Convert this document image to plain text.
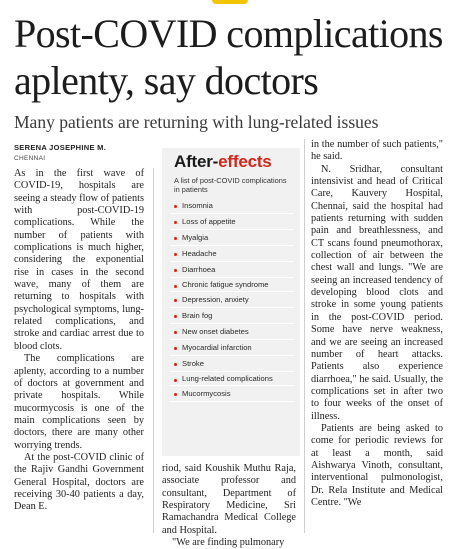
Post-COVID complications aplenty, say doctors

Many patients are returning with lung-related issues

SERENA JOSEPHINE M.
CHENNAI

As in the first wave of COVID-19, hospitals are seeing a steady flow of patients with post-COVID-19 complications. While the number of patients with complications is much higher, considering the exponential rise in cases in the second wave, many of them are returning to hospitals with psychological symptoms, lung-related complications, and stroke and cardiac arrest due to blood clots.

The complications are aplenty, according to a number of doctors at government and private hospitals. While mucormycosis is one of the main complications seen by doctors, there are many other worrying trends.

At the post-COVID clinic of the Rajiv Gandhi Government General Hospital, doctors are receiving 30-40 patients a day, Dean E.

After-effects
A list of post-COVID complications in patients
Insomnia
Loss of appetite
Myalgia
Headache
Diarrhoea
Chronic fatigue syndrome
Depression, anxiety
Brain fog
New onset diabetes
Myocardial infarction
Stroke
Lung-related complications
Mucormycosis

riod, said Koushik Muthu Raja, associate professor and consultant, Department of Respiratory Medicine, Sri Ramachandra Medical College and Hospital.

"We are finding pulmonary

in the number of such patients," he said.

N. Sridhar, consultant intensivist and head of Critical Care, Kauvery Hospital, Chennai, said the hospital had patients returning with sudden pain and breathlessness, and CT scans found pneumothorax, collection of air between the chest wall and lungs. "We are seeing an increased tendency of developing blood clots and stroke in some young patients in the post-COVID period. Some have nerve weakness, and we are seeing an increased number of heart attacks. Patients also experience diarrhoea," he said. Usually, the complications set in after two to four weeks of the onset of illness.

Patients are being asked to come for periodic reviews for at least a month, said Aishwarya Vinoth, consultant, interventional pulmonologist, Dr. Rela Institute and Medical Centre. "We
